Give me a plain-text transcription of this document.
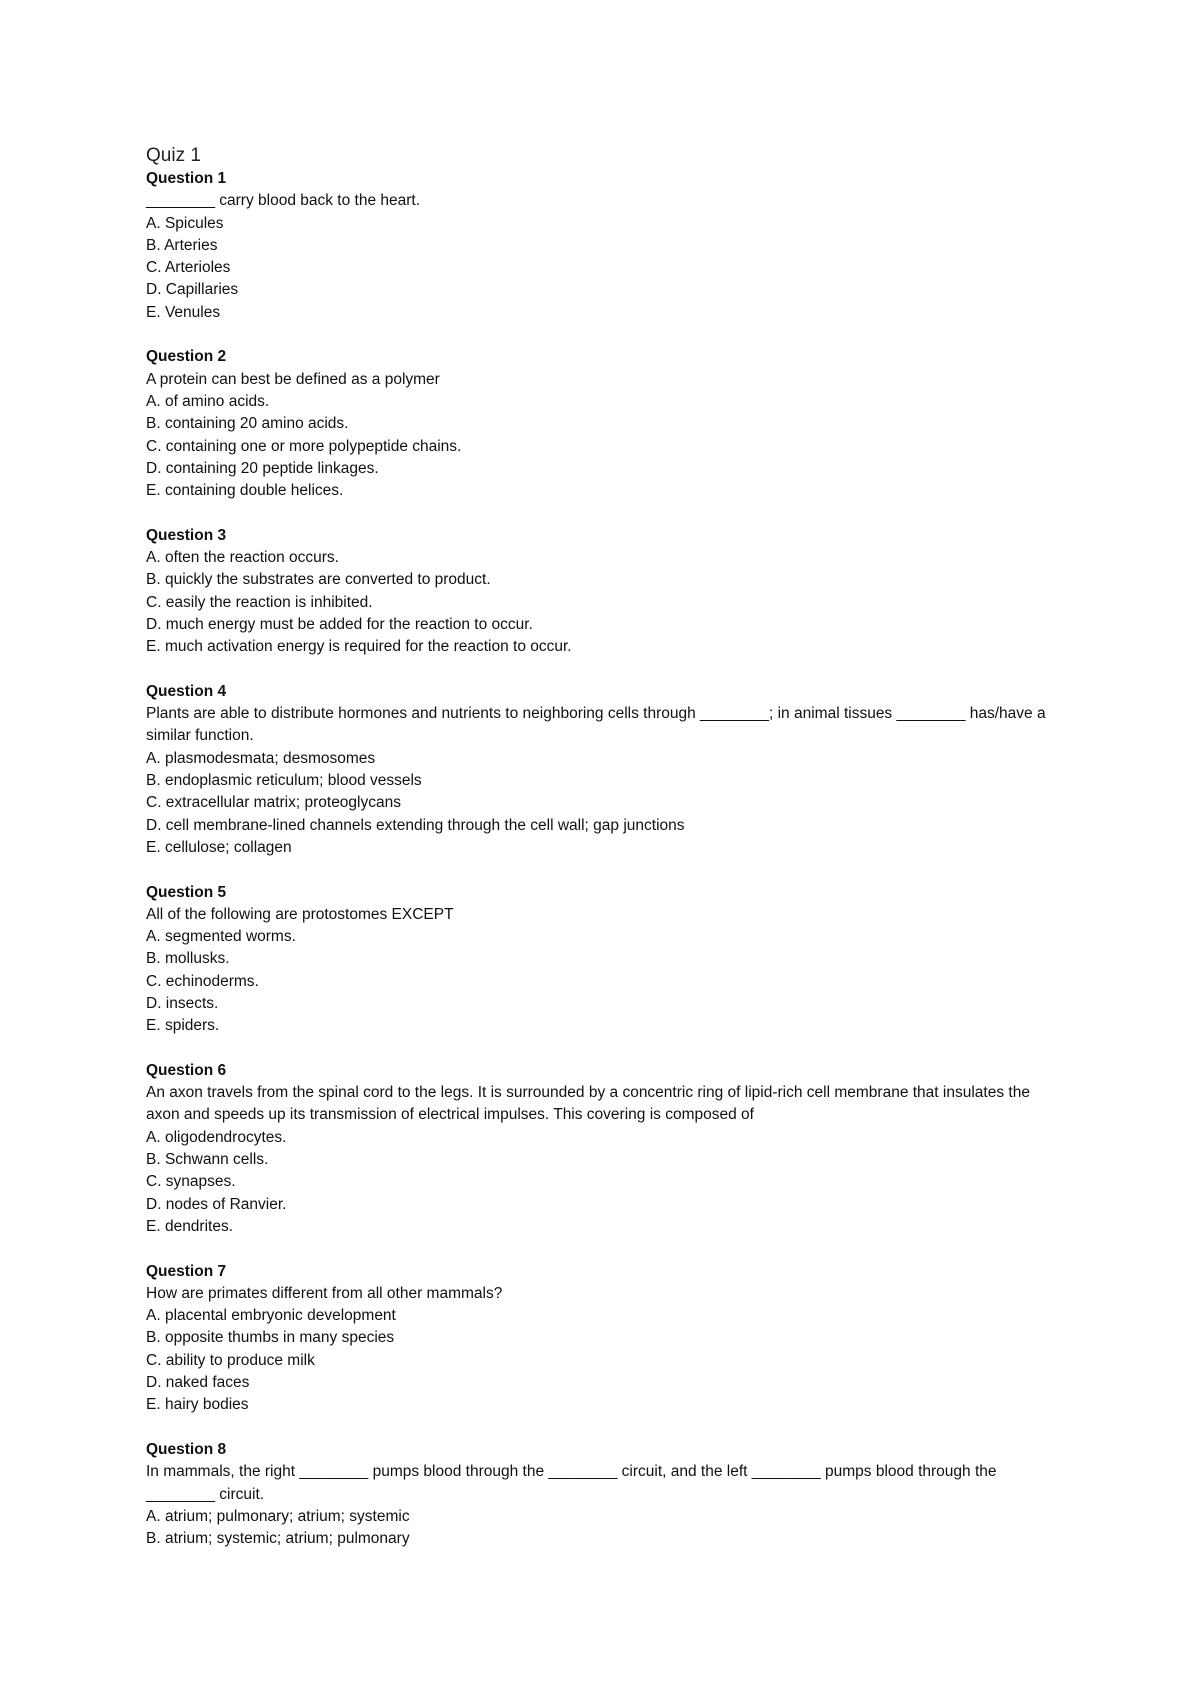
Quiz 1
Question 1
________ carry blood back to the heart.
A. Spicules
B. Arteries
C. Arterioles
D. Capillaries
E. Venules
Question 2
A protein can best be defined as a polymer
A. of amino acids.
B. containing 20 amino acids.
C. containing one or more polypeptide chains.
D. containing 20 peptide linkages.
E. containing double helices.
Question 3
A. often the reaction occurs.
B. quickly the substrates are converted to product.
C. easily the reaction is inhibited.
D. much energy must be added for the reaction to occur.
E. much activation energy is required for the reaction to occur.
Question 4
Plants are able to distribute hormones and nutrients to neighboring cells through ________; in animal tissues ________ has/have a similar function.
A. plasmodesmata; desmosomes
B. endoplasmic reticulum; blood vessels
C. extracellular matrix; proteoglycans
D. cell membrane-lined channels extending through the cell wall; gap junctions
E. cellulose; collagen
Question 5
All of the following are protostomes EXCEPT
A. segmented worms.
B. mollusks.
C. echinoderms.
D. insects.
E. spiders.
Question 6
An axon travels from the spinal cord to the legs. It is surrounded by a concentric ring of lipid-rich cell membrane that insulates the axon and speeds up its transmission of electrical impulses. This covering is composed of
A. oligodendrocytes.
B. Schwann cells.
C. synapses.
D. nodes of Ranvier.
E. dendrites.
Question 7
How are primates different from all other mammals?
A. placental embryonic development
B. opposite thumbs in many species
C. ability to produce milk
D. naked faces
E. hairy bodies
Question 8
In mammals, the right ________ pumps blood through the ________ circuit, and the left ________ pumps blood through the ________ circuit.
A. atrium; pulmonary; atrium; systemic
B. atrium; systemic; atrium; pulmonary
